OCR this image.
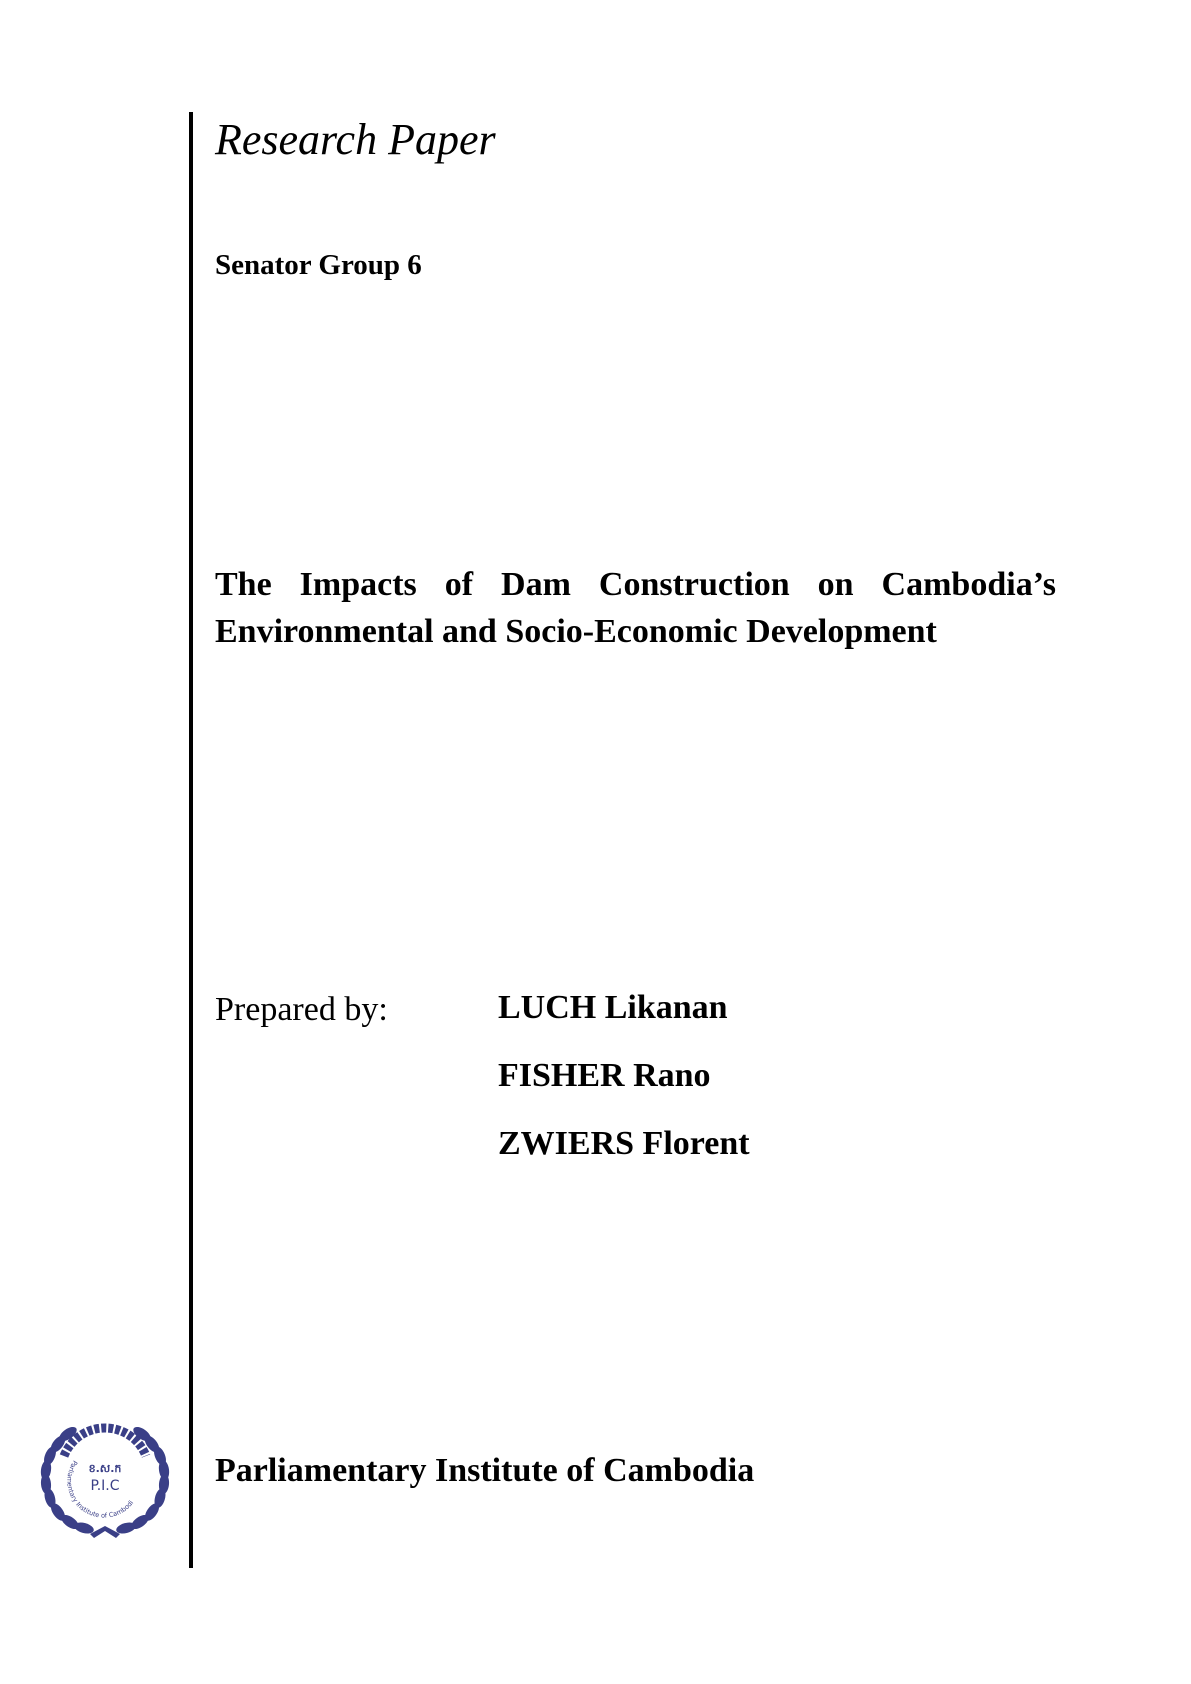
Research Paper
Senator Group 6
The Impacts of Dam Construction on Cambodia’s
Environmental and Socio-Economic Development
Prepared by:	LUCH Likanan
FISHER Rano
ZWIERS Florent
Parliamentary Institute of Cambodi
ខ.ស.ក
P.I.C	Parliamentary Institute of Cambodia
